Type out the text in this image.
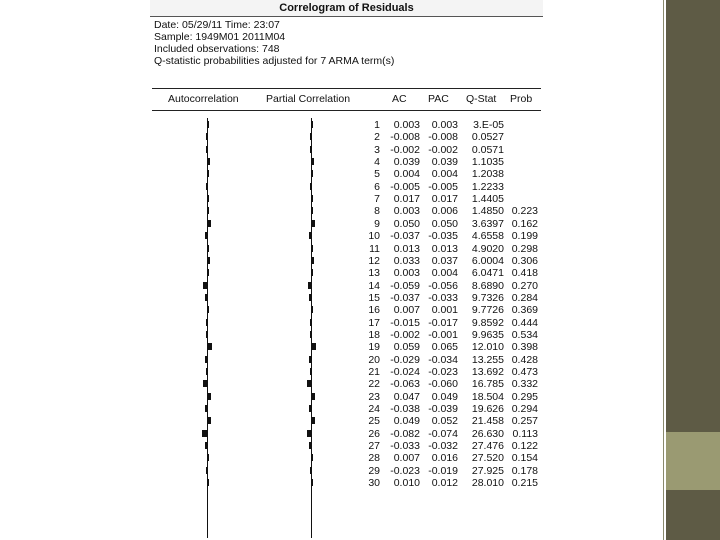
Correlogram of Residuals
Date: 05/29/11 Time: 23:07
Sample: 1949M01 2011M04
Included observations: 748
Q-statistic probabilities adjusted for 7 ARMA term(s)
Autocorrelation	Partial Correlation	AC PAC Q-Stat Prob
1	0.003	0.003	3.E-05
2 -0.008 -0.008	0.0527
3 -0.002 -0.002	0.0571
4	0.039	0.039	1.1035
5	0.004	0.004	1.2038
6 -0.005 -0.005	1.2233
7	0.017	0.017	1.4405
8	0.003	0.006	1.4850 0.223
9	0.050	0.050	3.6397 0.162
10 -0.037 -0.035	4.6558 0.199
11	0.013	0.013	4.9020 0.298
12	0.033	0.037	6.0004 0.306
13	0.003	0.004	6.0471 0.418
14 -0.059 -0.056	8.6890 0.270
15 -0.037 -0.033	9.7326 0.284
16	0.007	0.001	9.7726 0.369
17 -0.015 -0.017	9.8592 0.444
18 -0.002 -0.001	9.9635 0.534
19	0.059	0.065	12.010 0.398
20 -0.029 -0.034	13.255 0.428
21 -0.024 -0.023	13.692 0.473
22 -0.063 -0.060	16.785 0.332
23	0.047	0.049	18.504 0.295
24 -0.038 -0.039	19.626 0.294
25	0.049	0.052	21.458 0.257
26 -0.082 -0.074	26.630 0.113
27 -0.033 -0.032	27.476 0.122
28	0.007	0.016	27.520 0.154
29 -0.023 -0.019	27.925 0.178
30	0.010	0.012	28.010 0.215
